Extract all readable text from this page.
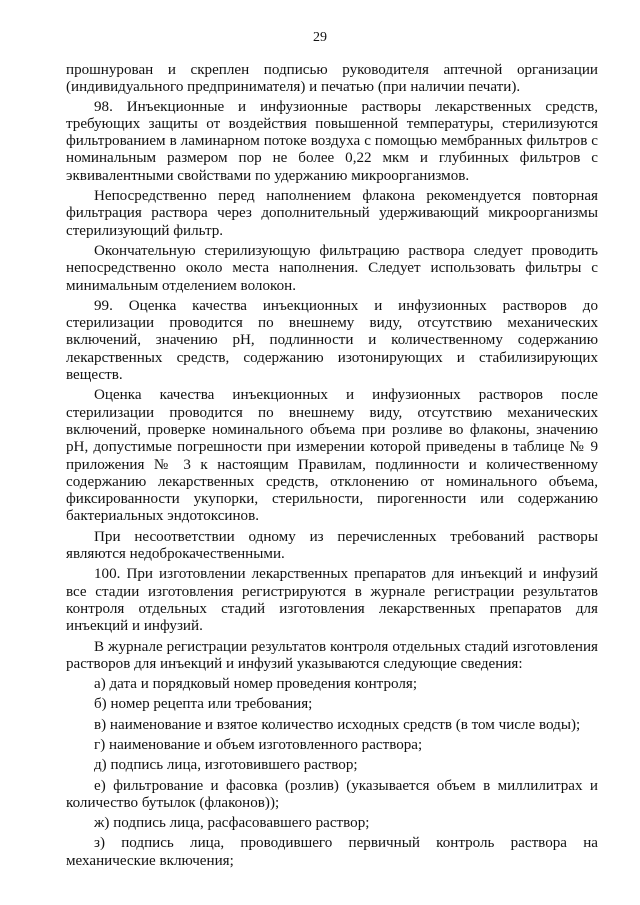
29

прошнурован и скреплен подписью руководителя аптечной организации (индивидуального предпринимателя) и печатью (при наличии печати).

98. Инъекционные и инфузионные растворы лекарственных средств, требующих защиты от воздействия повышенной температуры, стерилизуются фильтрованием в ламинарном потоке воздуха с помощью мембранных фильтров с номинальным размером пор не более 0,22 мкм и глубинных фильтров с эквивалентными свойствами по удержанию микроорганизмов.

Непосредственно перед наполнением флакона рекомендуется повторная фильтрация раствора через дополнительный удерживающий микроорганизмы стерилизующий фильтр.

Окончательную стерилизующую фильтрацию раствора следует проводить непосредственно около места наполнения. Следует использовать фильтры с минимальным отделением волокон.

99. Оценка качества инъекционных и инфузионных растворов до стерилизации проводится по внешнему виду, отсутствию механических включений, значению pH, подлинности и количественному содержанию лекарственных средств, содержанию изотонирующих и стабилизирующих веществ.

Оценка качества инъекционных и инфузионных растворов после стерилизации проводится по внешнему виду, отсутствию механических включений, проверке номинального объема при розливе во флаконы, значению pH, допустимые погрешности при измерении которой приведены в таблице № 9 приложения № 3 к настоящим Правилам, подлинности и количественному содержанию лекарственных средств, отклонению от номинального объема, фиксированности укупорки, стерильности, пирогенности или содержанию бактериальных эндотоксинов.

При несоответствии одному из перечисленных требований растворы являются недоброкачественными.

100. При изготовлении лекарственных препаратов для инъекций и инфузий все стадии изготовления регистрируются в журнале регистрации результатов контроля отдельных стадий изготовления лекарственных препаратов для инъекций и инфузий.

В журнале регистрации результатов контроля отдельных стадий изготовления растворов для инъекций и инфузий указываются следующие сведения:

а) дата и порядковый номер проведения контроля;

б) номер рецепта или требования;

в) наименование и взятое количество исходных средств (в том числе воды);

г) наименование и объем изготовленного раствора;

д) подпись лица, изготовившего раствор;

е) фильтрование и фасовка (розлив) (указывается объем в миллилитрах и количество бутылок (флаконов));

ж) подпись лица, расфасовавшего раствор;

з) подпись лица, проводившего первичный контроль раствора на механические включения;
